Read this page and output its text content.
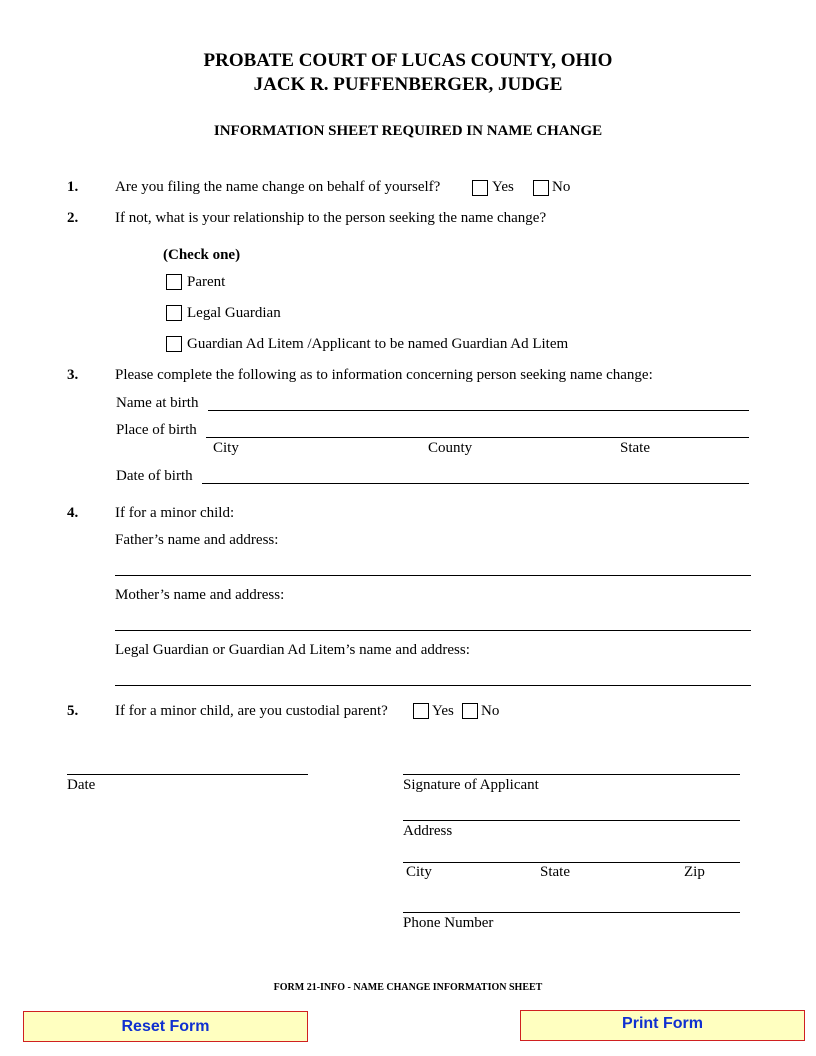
PROBATE COURT OF LUCAS COUNTY, OHIO
JACK R. PUFFENBERGER, JUDGE
INFORMATION SHEET REQUIRED IN NAME CHANGE
1. Are you filing the name change on behalf of yourself?	Yes	No
2. If not, what is your relationship to the person seeking the name change?
(Check one)
Parent
Legal Guardian
Guardian Ad Litem /Applicant to be named Guardian Ad Litem
3. Please complete the following as to information concerning person seeking name change:
Name at birth
Place of birth
City	County	State
Date of birth
4. If for a minor child:
Father’s name and address:
Mother’s name and address:
Legal Guardian or Guardian Ad Litem’s name and address:
5. If for a minor child, are you custodial parent?	Yes No
Date	Signature of Applicant
Address
City	State	Zip
Phone Number
FORM 21-INFO - NAME CHANGE INFORMATION SHEET
Reset Form	Print Form
